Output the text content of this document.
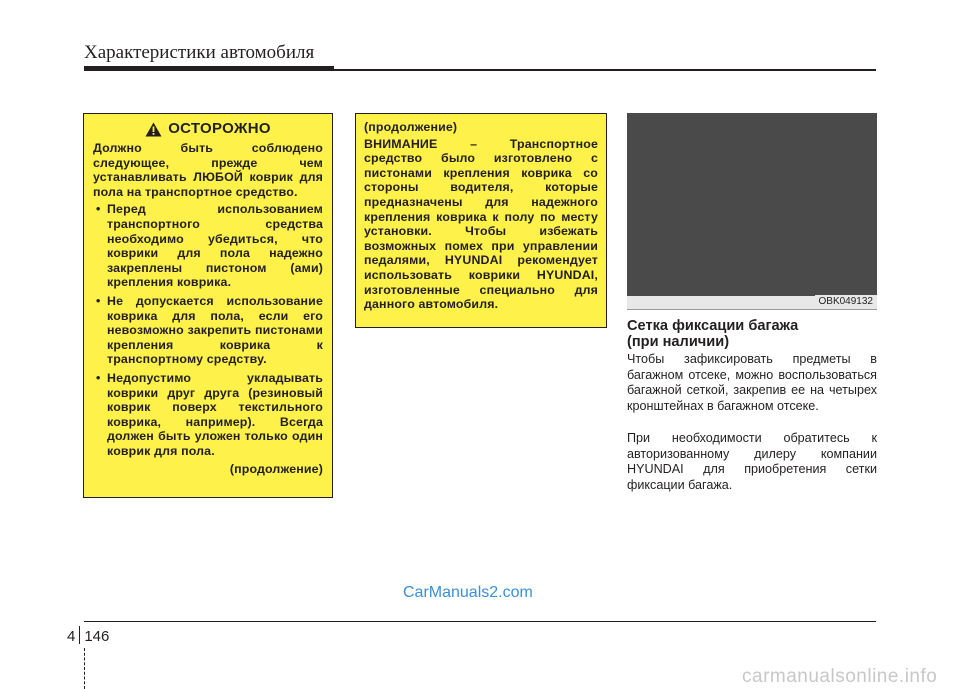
Характеристики автомобиля
ОСТОРОЖНО
Должно быть соблюдено
следующее, прежде чем
устанавливать ЛЮБОЙ коврик для пола на транспортное средство.
• Перед использованием транспортного средства необходимо убедиться, что коврики для пола надежно закреплены пистоном (ами) крепления коврика.
• Не допускается использование коврика для пола, если его невозможно закрепить пистонами крепления коврика к транспортному средству.
• Недопустимо укладывать коврики друг друга (резиновый коврик поверх текстильного коврика, например). Всегда должен быть уложен только один коврик для пола.
(продолжение)
(продолжение)
ВНИМАНИЕ – Транспортное средство было изготовлено с пистонами крепления коврика со стороны водителя, которые предназначены для надежного крепления коврика к полу по месту установки. Чтобы избежать возможных помех при управлении педалями, HYUNDAI рекомендует использовать коврики HYUNDAI, изготовленные специально для данного автомобиля.	OBK049132
Сетка фиксации багажа
(при наличии)
Чтобы зафиксировать предметы в багажном отсеке, можно воспользоваться багажной сеткой, закрепив ее на четырех кронштейнах в багажном отсеке.
При необходимости обратитесь к авторизованному дилеру компании HYUNDAI для приобретения сетки фиксации багажа.
CarManuals2.com
4 146
carmanualsonline.info
